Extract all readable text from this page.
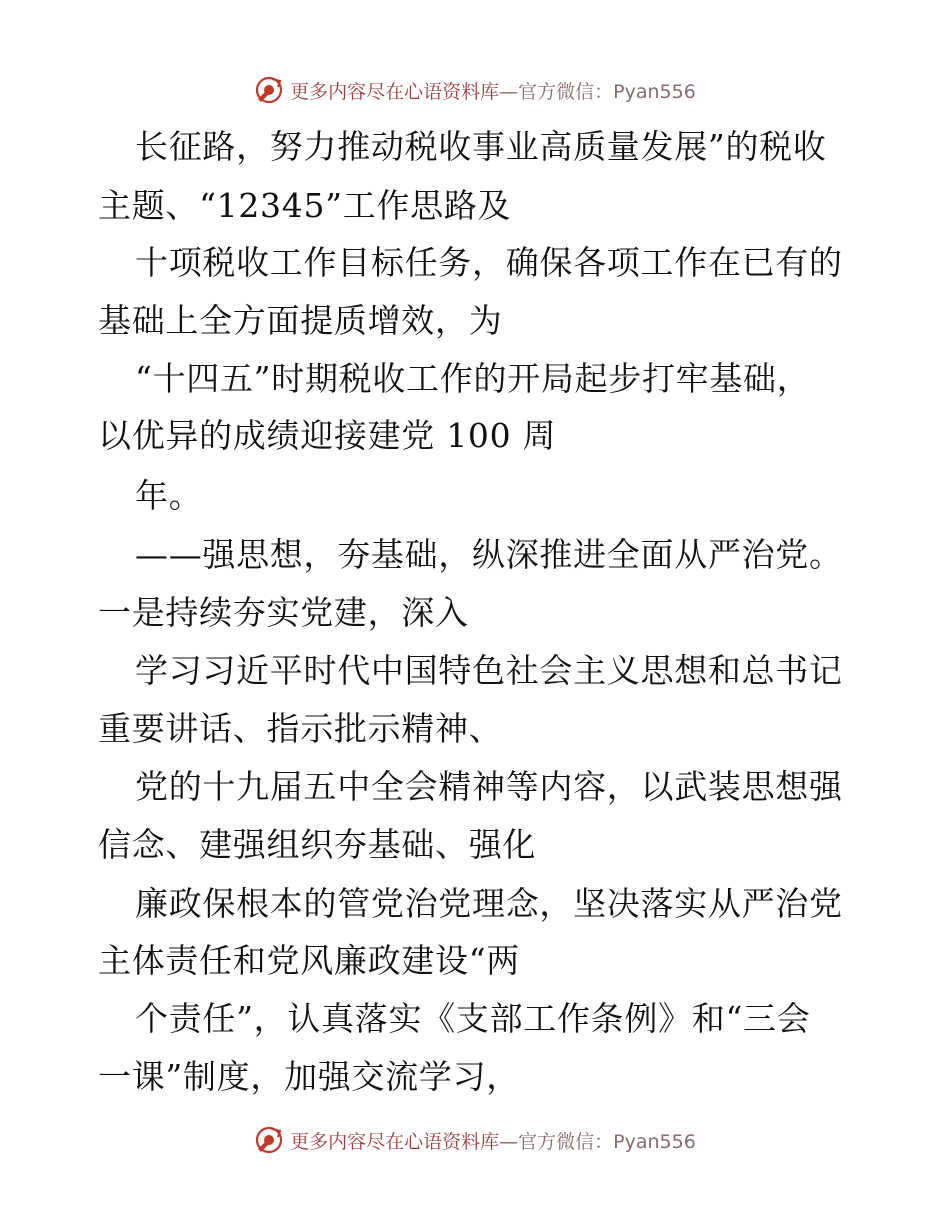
更多内容尽在心语资料库—官方微信：Pyan556
长征路，努力推动税收事业高质量发展”的税收
主题、“12345”工作思路及
十项税收工作目标任务，确保各项工作在已有的
基础上全方面提质增效，为
“十四五”时期税收工作的开局起步打牢基础，
以优异的成绩迎接建党 100 周
年。
——强思想，夯基础，纵深推进全面从严治党。
一是持续夯实党建，深入
学习习近平时代中国特色社会主义思想和总书记
重要讲话、指示批示精神、
党的十九届五中全会精神等内容，以武装思想强
信念、建强组织夯基础、强化
廉政保根本的管党治党理念，坚决落实从严治党
主体责任和党风廉政建设“两
个责任”，认真落实《支部工作条例》和“三会
一课”制度，加强交流学习，
更多内容尽在心语资料库—官方微信：Pyan556
